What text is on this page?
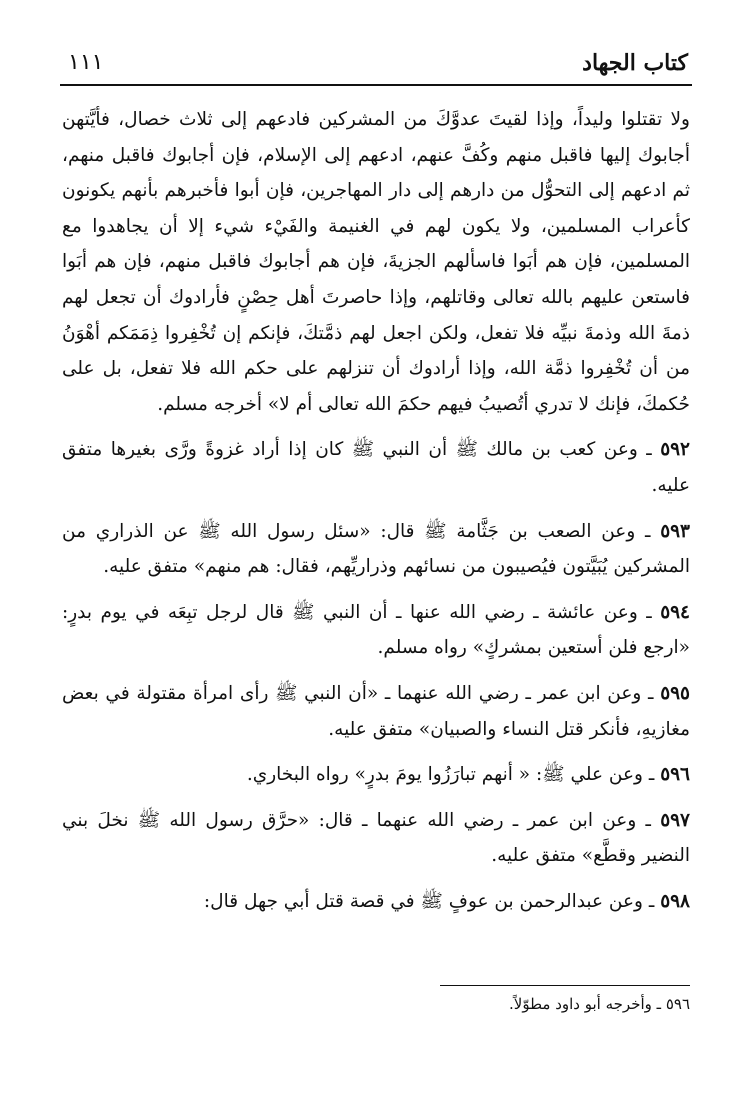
كتاب الجهاد
١١١

ولا تقتلوا وليداً، وإذا لقيتَ عدوَّكَ من المشركين فادعهم إلى ثلاث خصال، فأيَّتهن أجابوك إليها فاقبل منهم وكُفَّ عنهم، ادعهم إلى الإسلام، فإن أجابوك فاقبل منهم، ثم ادعهم إلى التحوُّل من دارهم إلى دار المهاجرين، فإن أبوا فأخبرهم بأنهم يكونون كأعراب المسلمين، ولا يكون لهم في الغنيمة والفَيْء شيء إلا أن يجاهدوا مع المسلمين، فإن هم أبَوا فاسألهم الجزيةَ، فإن هم أجابوك فاقبل منهم، فإن هم أبَوا فاستعن عليهم بالله تعالى وقاتلهم، وإذا حاصرتَ أهل حِصْنٍ فأرادوك أن تجعل لهم ذمةَ الله وذمةَ نبيِّه فلا تفعل، ولكن اجعل لهم ذمَّتكَ، فإنكم إن تُخْفِروا ذِمَمَكم أهْوَنُ من أن تُخْفِروا ذمَّة الله، وإذا أرادوك أن تنزلهم على حكم الله فلا تفعل، بل على حُكمكَ، فإنك لا تدري أتُصيبُ فيهم حكمَ الله تعالى أم لا» أخرجه مسلم.

٥٩٢ ـ وعن كعب بن مالك ﷺ أن النبي ﷺ كان إذا أراد غزوةً ورَّى بغيرها متفق عليه.

٥٩٣ ـ وعن الصعب بن جَثَّامة ﷺ قال: «سئل رسول الله ﷺ عن الذراري من المشركين يُبَيَّتون فيُصيبون من نسائهم وذراريِّهم، فقال: هم منهم» متفق عليه.

٥٩٤ ـ وعن عائشة ـ رضي الله عنها ـ أن النبي ﷺ قال لرجل تبِعَه في يوم بدرٍ: «ارجع فلن أستعين بمشركٍ» رواه مسلم.

٥٩٥ ـ وعن ابن عمر ـ رضي الله عنهما ـ «أن النبي ﷺ رأى امرأة مقتولة في بعض مغازيهِ، فأنكر قتل النساء والصبيان» متفق عليه.

٥٩٦ ـ وعن علي ﷺ: « أنهم تبارَزُوا يومَ بدرٍ» رواه البخاري.

٥٩٧ ـ وعن ابن عمر ـ رضي الله عنهما ـ قال: «حرَّق رسول الله ﷺ نخلَ بني النضير وقطَّع» متفق عليه.

٥٩٨ ـ وعن عبدالرحمن بن عوفٍ ﷺ في قصة قتل أبي جهل قال:

٥٩٦ ـ وأخرجه أبو داود مطوّلاً.
